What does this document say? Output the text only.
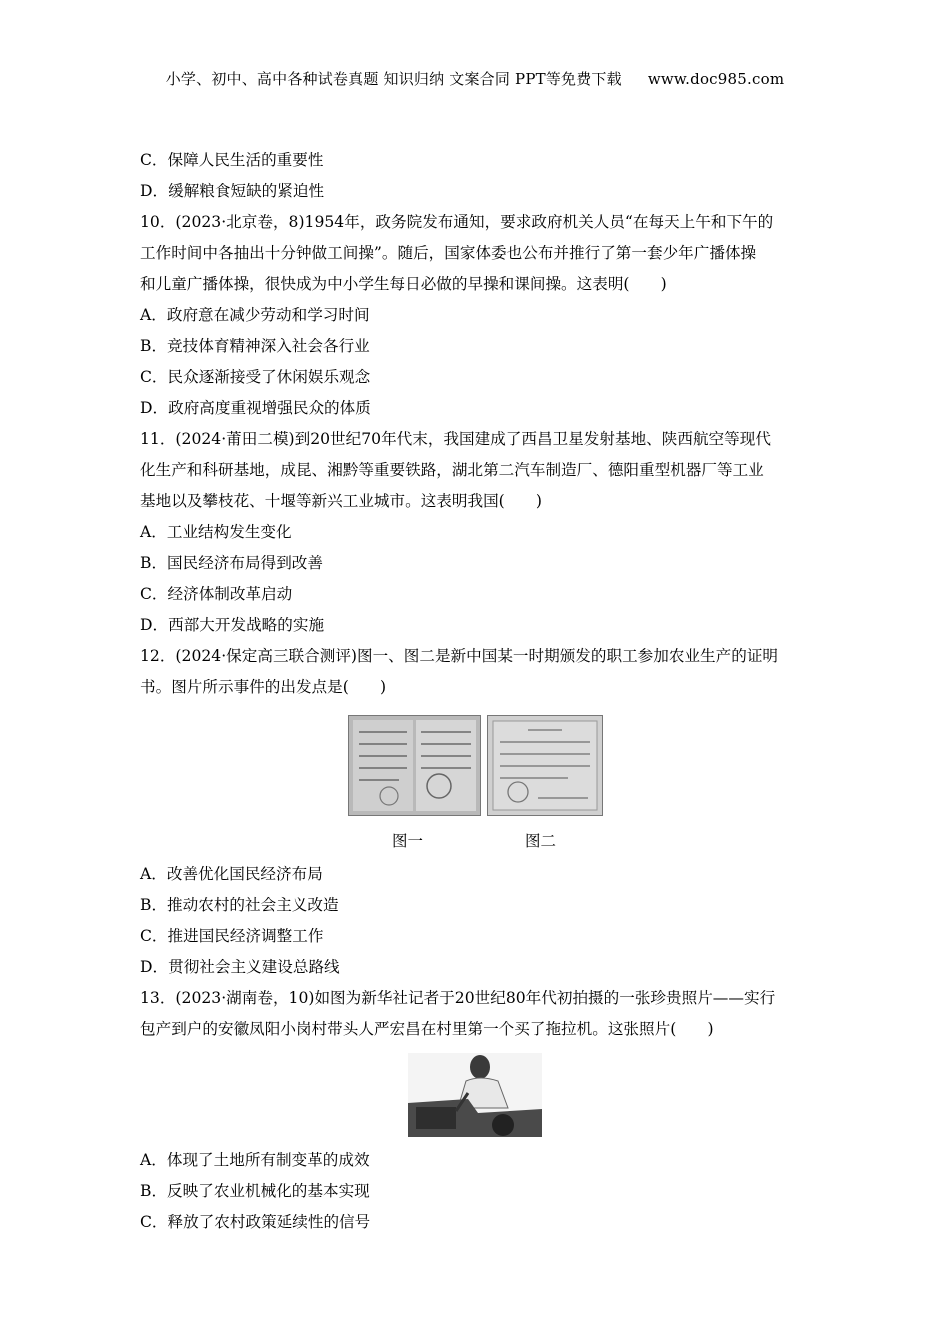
小学、初中、高中各种试卷真题 知识归纳 文案合同 PPT等免费下载 www.doc985.com
C．保障人民生活的重要性
D．缓解粮食短缺的紧迫性
10．(2023·北京卷，8)1954年，政务院发布通知，要求政府机关人员“在每天上午和下午的
工作时间中各抽出十分钟做工间操”。随后，国家体委也公布并推行了第一套少年广播体操
和儿童广播体操，很快成为中小学生每日必做的早操和课间操。这表明(　　)
A．政府意在减少劳动和学习时间
B．竞技体育精神深入社会各行业
C．民众逐渐接受了休闲娱乐观念
D．政府高度重视增强民众的体质
11．(2024·莆田二模)到20世纪70年代末，我国建成了西昌卫星发射基地、陕西航空等现代
化生产和科研基地，成昆、湘黔等重要铁路，湖北第二汽车制造厂、德阳重型机器厂等工业
基地以及攀枝花、十堰等新兴工业城市。这表明我国(　　)
A．工业结构发生变化
B．国民经济布局得到改善
C．经济体制改革启动
D．西部大开发战略的实施
12．(2024·保定高三联合测评)图一、图二是新中国某一时期颁发的职工参加农业生产的证明
书。图片所示事件的出发点是(　　)
图一	图二
A．改善优化国民经济布局
B．推动农村的社会主义改造
C．推进国民经济调整工作
D．贯彻社会主义建设总路线
13．(2023·湖南卷，10)如图为新华社记者于20世纪80年代初拍摄的一张珍贵照片——实行
包产到户的安徽凤阳小岗村带头人严宏昌在村里第一个买了拖拉机。这张照片(　　)
A．体现了土地所有制变革的成效
B．反映了农业机械化的基本实现
C．释放了农村政策延续性的信号
